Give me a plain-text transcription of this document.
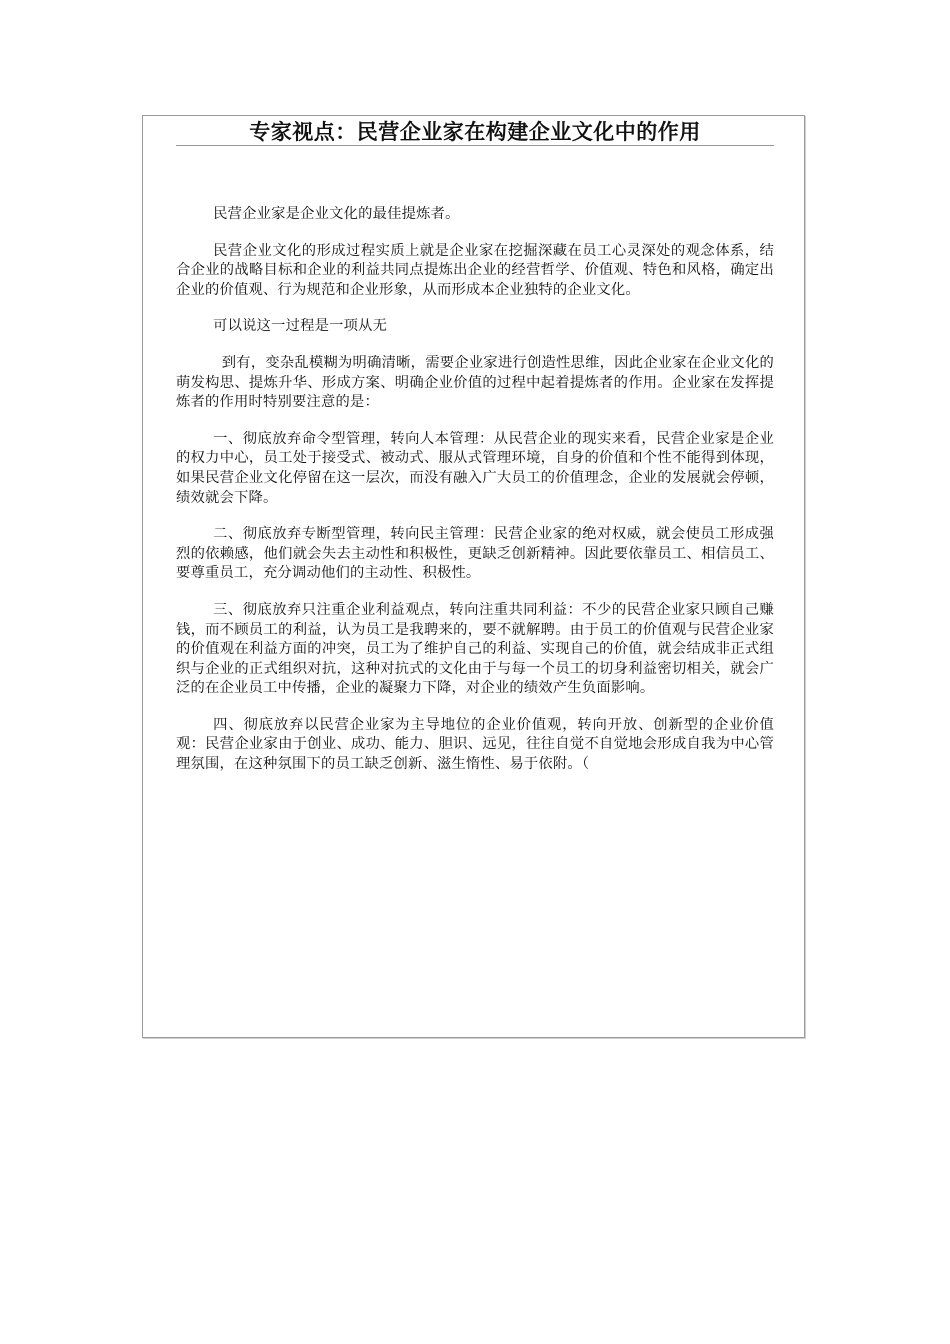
专家视点：民营企业家在构建企业文化中的作用

民营企业家是企业文化的最佳提炼者。

民营企业文化的形成过程实质上就是企业家在挖掘深藏在员工心灵深处的观念体系，结合企业的战略目标和企业的利益共同点提炼出企业的经营哲学、价值观、特色和风格，确定出企业的价值观、行为规范和企业形象，从而形成本企业独特的企业文化。

可以说这一过程是一项从无

到有，变杂乱模糊为明确清晰，需要企业家进行创造性思维，因此企业家在企业文化的萌发构思、提炼升华、形成方案、明确企业价值的过程中起着提炼者的作用。企业家在发挥提炼者的作用时特别要注意的是：

一、彻底放弃命令型管理，转向人本管理：从民营企业的现实来看，民营企业家是企业的权力中心，员工处于接受式、被动式、服从式管理环境，自身的价值和个性不能得到体现，如果民营企业文化停留在这一层次，而没有融入广大员工的价值理念，企业的发展就会停顿，绩效就会下降。

二、彻底放弃专断型管理，转向民主管理：民营企业家的绝对权威，就会使员工形成强烈的依赖感，他们就会失去主动性和积极性，更缺乏创新精神。因此要依靠员工、相信员工、要尊重员工，充分调动他们的主动性、积极性。

三、彻底放弃只注重企业利益观点，转向注重共同利益：不少的民营企业家只顾自己赚钱，而不顾员工的利益，认为员工是我聘来的，要不就解聘。由于员工的价值观与民营企业家的价值观在利益方面的冲突，员工为了维护自己的利益、实现自己的价值，就会结成非正式组织与企业的正式组织对抗，这种对抗式的文化由于与每一个员工的切身利益密切相关，就会广泛的在企业员工中传播，企业的凝聚力下降，对企业的绩效产生负面影响。

四、彻底放弃以民营企业家为主导地位的企业价值观，转向开放、创新型的企业价值观：民营企业家由于创业、成功、能力、胆识、远见，往往自觉不自觉地会形成自我为中心管理氛围，在这种氛围下的员工缺乏创新、滋生惰性、易于依附。（
